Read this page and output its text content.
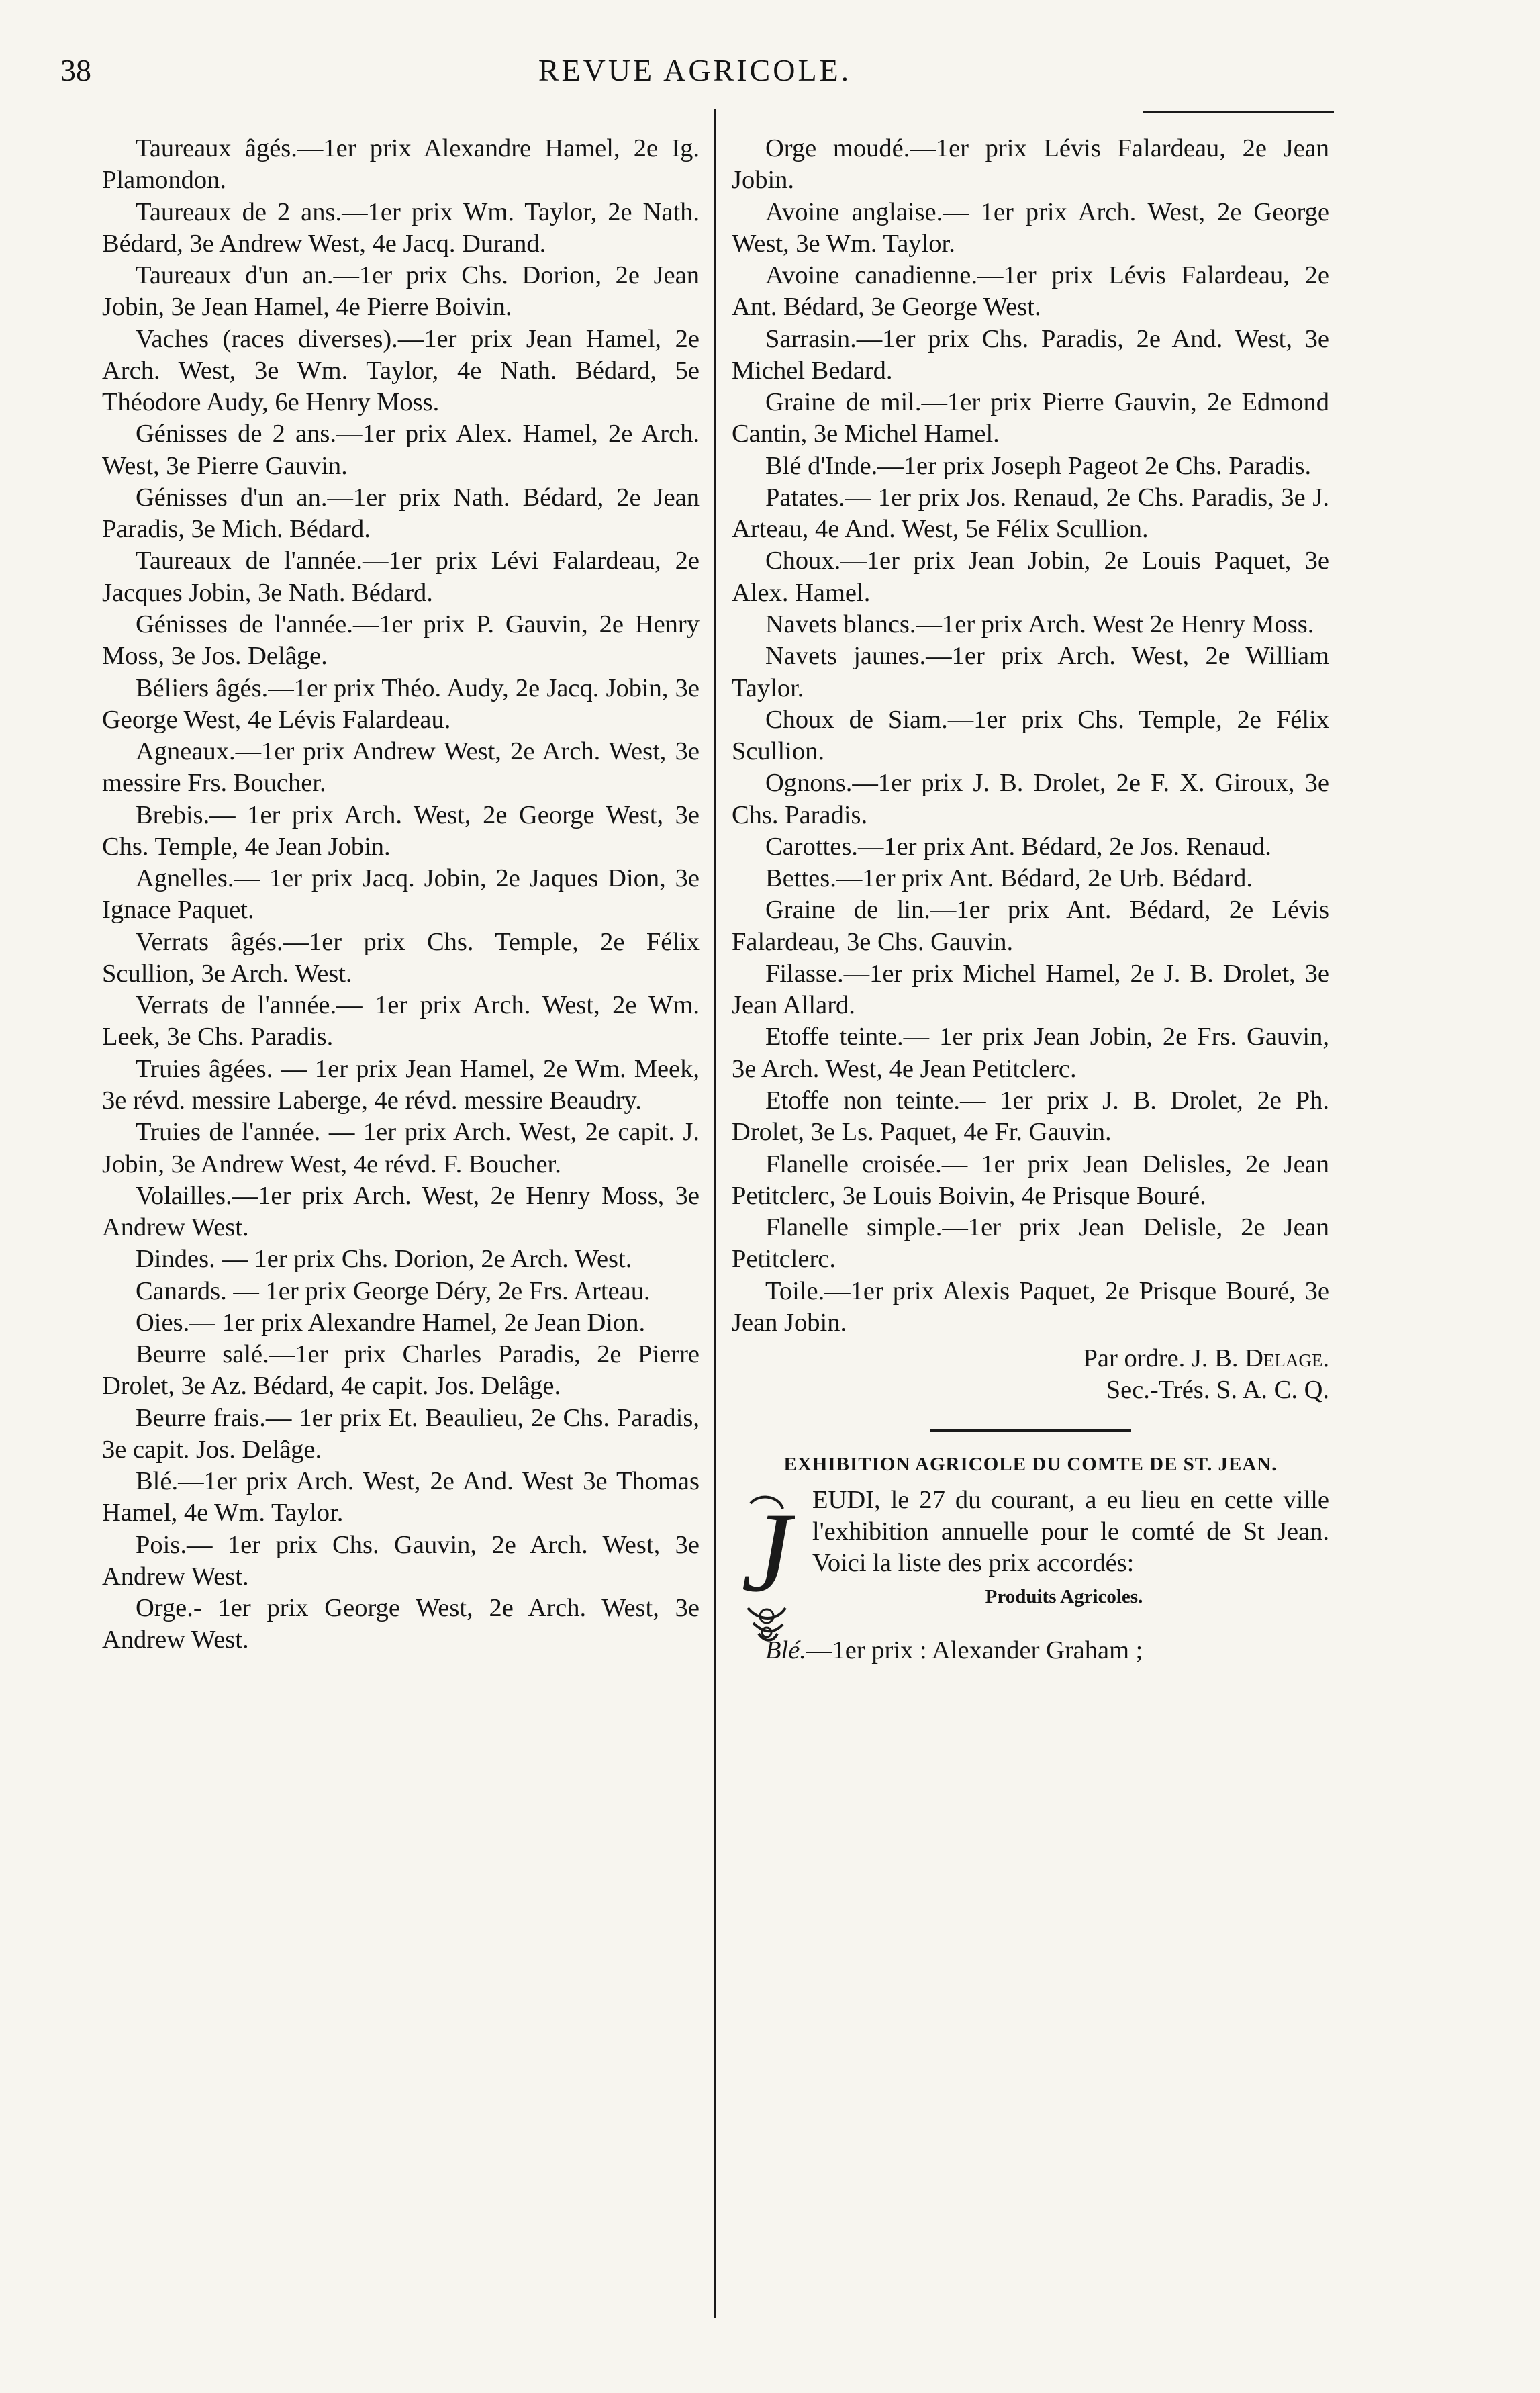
38	REVUE AGRICOLE.

Taureaux âgés.—1er prix Alexandre Hamel, 2e Ig. Plamondon.

Taureaux de 2 ans.—1er prix Wm. Taylor, 2e Nath. Bédard, 3e Andrew West, 4e Jacq. Durand.

Taureaux d'un an.—1er prix Chs. Dorion, 2e Jean Jobin, 3e Jean Hamel, 4e Pierre Boivin.

Vaches (races diverses).—1er prix Jean Hamel, 2e Arch. West, 3e Wm. Taylor, 4e Nath. Bédard, 5e Théodore Audy, 6e Henry Moss.

Génisses de 2 ans.—1er prix Alex. Hamel, 2e Arch. West, 3e Pierre Gauvin.

Génisses d'un an.—1er prix Nath. Bédard, 2e Jean Paradis, 3e Mich. Bédard.

Taureaux de l'année.—1er prix Lévi Falardeau, 2e Jacques Jobin, 3e Nath. Bédard.

Génisses de l'année.—1er prix P. Gauvin, 2e Henry Moss, 3e Jos. Delâge.

Béliers âgés.—1er prix Théo. Audy, 2e Jacq. Jobin, 3e George West, 4e Lévis Falardeau.

Agneaux.—1er prix Andrew West, 2e Arch. West, 3e messire Frs. Boucher.

Brebis.— 1er prix Arch. West, 2e George West, 3e Chs. Temple, 4e Jean Jobin.

Agnelles.— 1er prix Jacq. Jobin, 2e Jaques Dion, 3e Ignace Paquet.

Verrats âgés.—1er prix Chs. Temple, 2e Félix Scullion, 3e Arch. West.

Verrats de l'année.— 1er prix Arch. West, 2e Wm. Leek, 3e Chs. Paradis.

Truies âgées. — 1er prix Jean Hamel, 2e Wm. Meek, 3e révd. messire Laberge, 4e révd. messire Beaudry.

Truies de l'année. — 1er prix Arch. West, 2e capit. J. Jobin, 3e Andrew West, 4e révd. F. Boucher.

Volailles.—1er prix Arch. West, 2e Henry Moss, 3e Andrew West.

Dindes. — 1er prix Chs. Dorion, 2e Arch. West.

Canards. — 1er prix George Déry, 2e Frs. Arteau.

Oies.— 1er prix Alexandre Hamel, 2e Jean Dion.

Beurre salé.—1er prix Charles Paradis, 2e Pierre Drolet, 3e Az. Bédard, 4e capit. Jos. Delâge.

Beurre frais.— 1er prix Et. Beaulieu, 2e Chs. Paradis, 3e capit. Jos. Delâge.

Blé.—1er prix Arch. West, 2e And. West 3e Thomas Hamel, 4e Wm. Taylor.

Pois.— 1er prix Chs. Gauvin, 2e Arch. West, 3e Andrew West.

Orge.- 1er prix George West, 2e Arch. West, 3e Andrew West.

Orge moudé.—1er prix Lévis Falardeau, 2e Jean Jobin.

Avoine anglaise.— 1er prix Arch. West, 2e George West, 3e Wm. Taylor.

Avoine canadienne.—1er prix Lévis Falardeau, 2e Ant. Bédard, 3e George West.

Sarrasin.—1er prix Chs. Paradis, 2e And. West, 3e Michel Bedard.

Graine de mil.—1er prix Pierre Gauvin, 2e Edmond Cantin, 3e Michel Hamel.

Blé d'Inde.—1er prix Joseph Pageot 2e Chs. Paradis.

Patates.— 1er prix Jos. Renaud, 2e Chs. Paradis, 3e J. Arteau, 4e And. West, 5e Félix Scullion.

Choux.—1er prix Jean Jobin, 2e Louis Paquet, 3e Alex. Hamel.

Navets blancs.—1er prix Arch. West 2e Henry Moss.

Navets jaunes.—1er prix Arch. West, 2e William Taylor.

Choux de Siam.—1er prix Chs. Temple, 2e Félix Scullion.

Ognons.—1er prix J. B. Drolet, 2e F. X. Giroux, 3e Chs. Paradis.

Carottes.—1er prix Ant. Bédard, 2e Jos. Renaud.

Bettes.—1er prix Ant. Bédard, 2e Urb. Bédard.

Graine de lin.—1er prix Ant. Bédard, 2e Lévis Falardeau, 3e Chs. Gauvin.

Filasse.—1er prix Michel Hamel, 2e J. B. Drolet, 3e Jean Allard.

Etoffe teinte.— 1er prix Jean Jobin, 2e Frs. Gauvin, 3e Arch. West, 4e Jean Petitclerc.

Etoffe non teinte.— 1er prix J. B. Drolet, 2e Ph. Drolet, 3e Ls. Paquet, 4e Fr. Gauvin.

Flanelle croisée.— 1er prix Jean Delisles, 2e Jean Petitclerc, 3e Louis Boivin, 4e Prisque Bouré.

Flanelle simple.—1er prix Jean Delisle, 2e Jean Petitclerc.

Toile.—1er prix Alexis Paquet, 2e Prisque Bouré, 3e Jean Jobin.

Par ordre. J. B. Delage.
Sec.-Trés. S. A. C. Q.
EXHIBITION AGRICOLE DU COMTE DE ST. JEAN.
J EUDI, le 27 du courant, a eu lieu en cette ville l'exhibition annuelle pour le comté de St Jean. Voici la liste des prix accordés:
Produits Agricoles.

Blé.—1er prix : Alexander Graham ;
